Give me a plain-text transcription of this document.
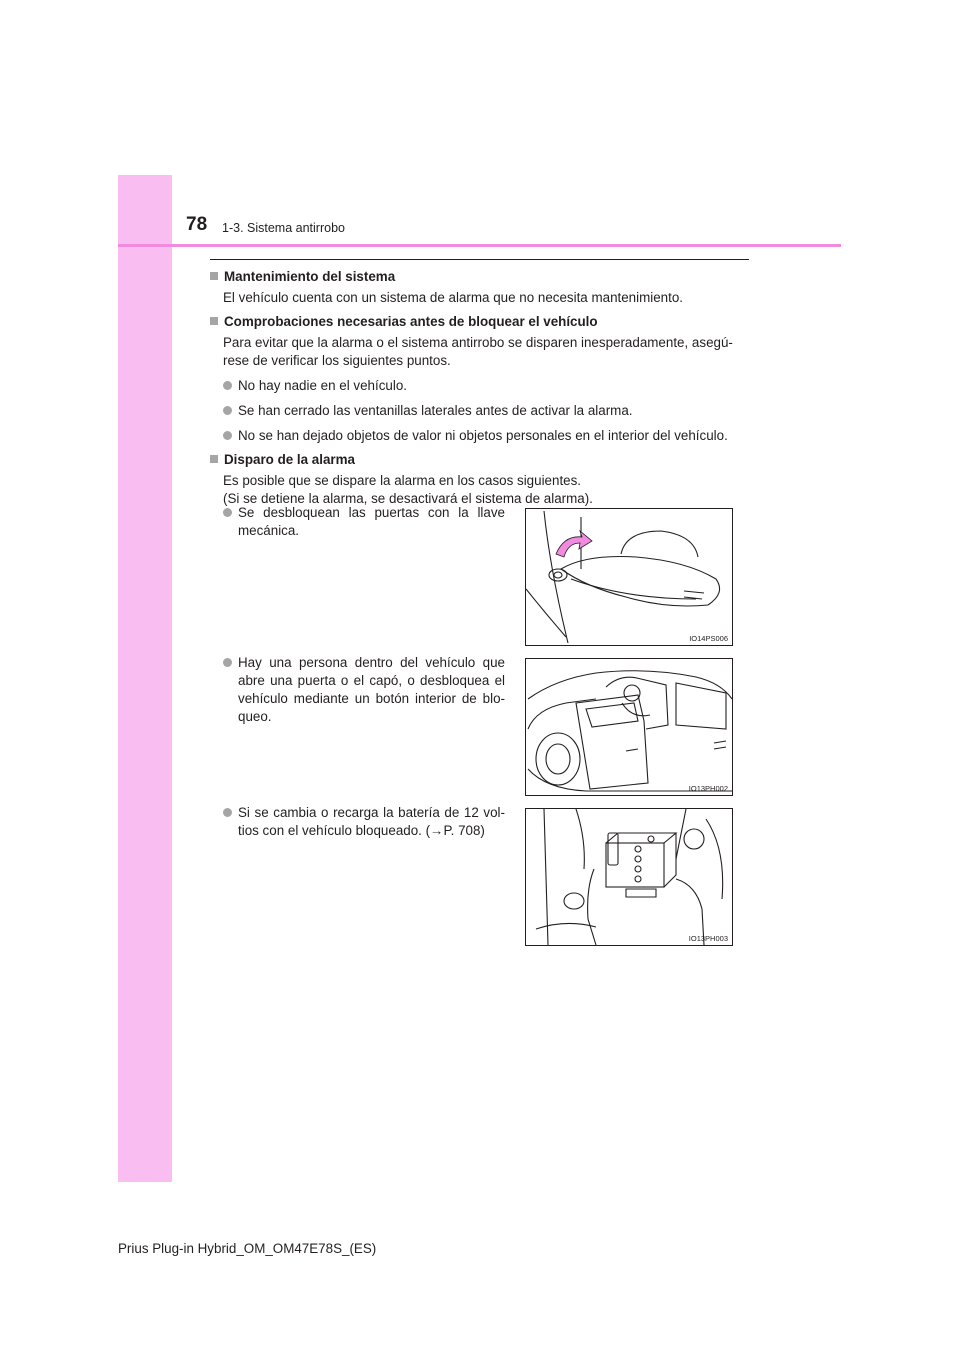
78 1-3. Sistema antirrobo
Mantenimiento del sistema
El vehículo cuenta con un sistema de alarma que no necesita mantenimiento.
Comprobaciones necesarias antes de bloquear el vehículo
Para evitar que la alarma o el sistema antirrobo se disparen inesperadamente, asegú-rese de verificar los siguientes puntos.
No hay nadie en el vehículo.
Se han cerrado las ventanillas laterales antes de activar la alarma.
No se han dejado objetos de valor ni objetos personales en el interior del vehículo.
Disparo de la alarma
Es posible que se dispare la alarma en los casos siguientes.
(Si se detiene la alarma, se desactivará el sistema de alarma).
Se desbloquean las puertas con la llave mecánica.
IO14PS006
Hay una persona dentro del vehículo que abre una puerta o el capó, o desbloquea el vehículo mediante un botón interior de blo-queo.
IO13PH002
Si se cambia o recarga la batería de 12 vol-tios con el vehículo bloqueado. (→P. 708)
IO13PH003
Prius Plug-in Hybrid_OM_OM47E78S_(ES)
